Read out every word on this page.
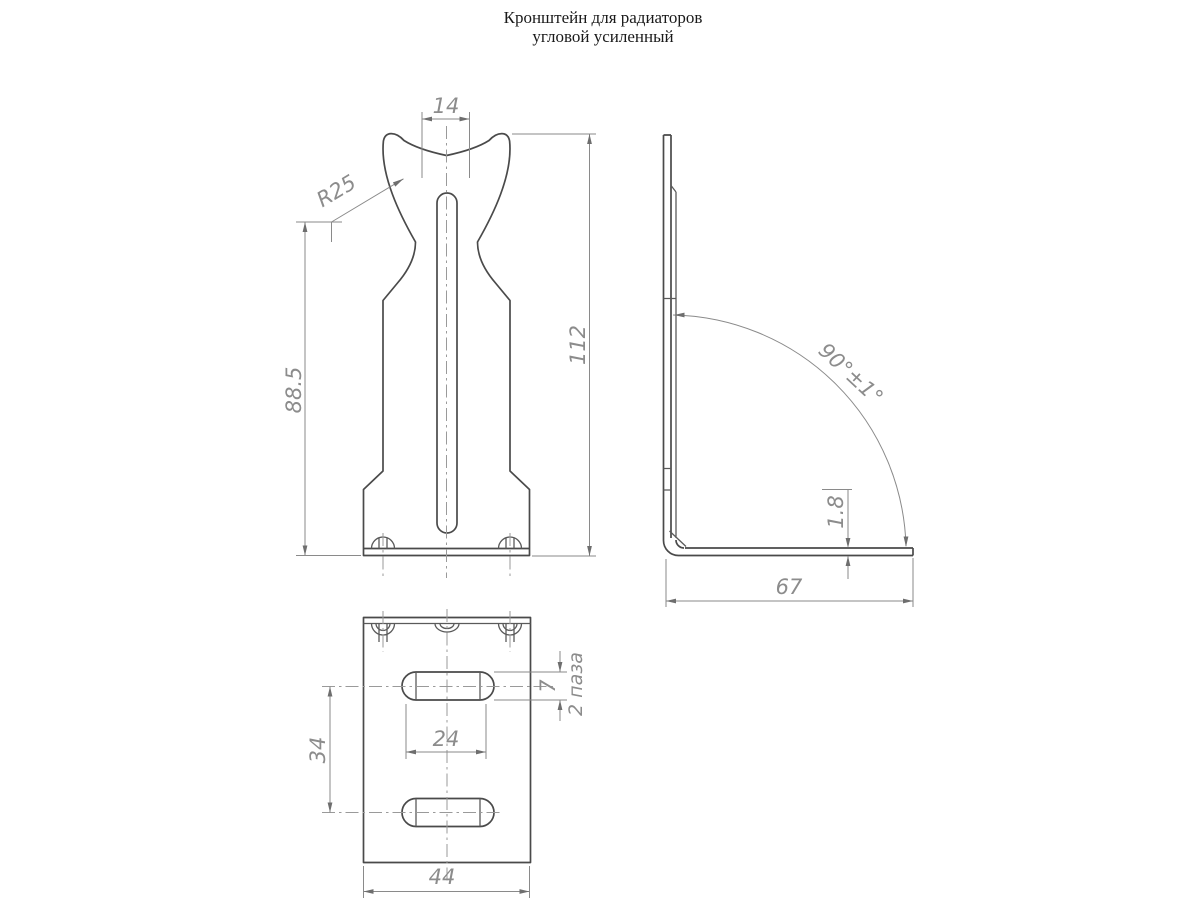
Кронштейн для радиаторов
угловой усиленный
14
R25
88.5
112	90°±1°
1.8
67
7 2 паза
24
34
44
